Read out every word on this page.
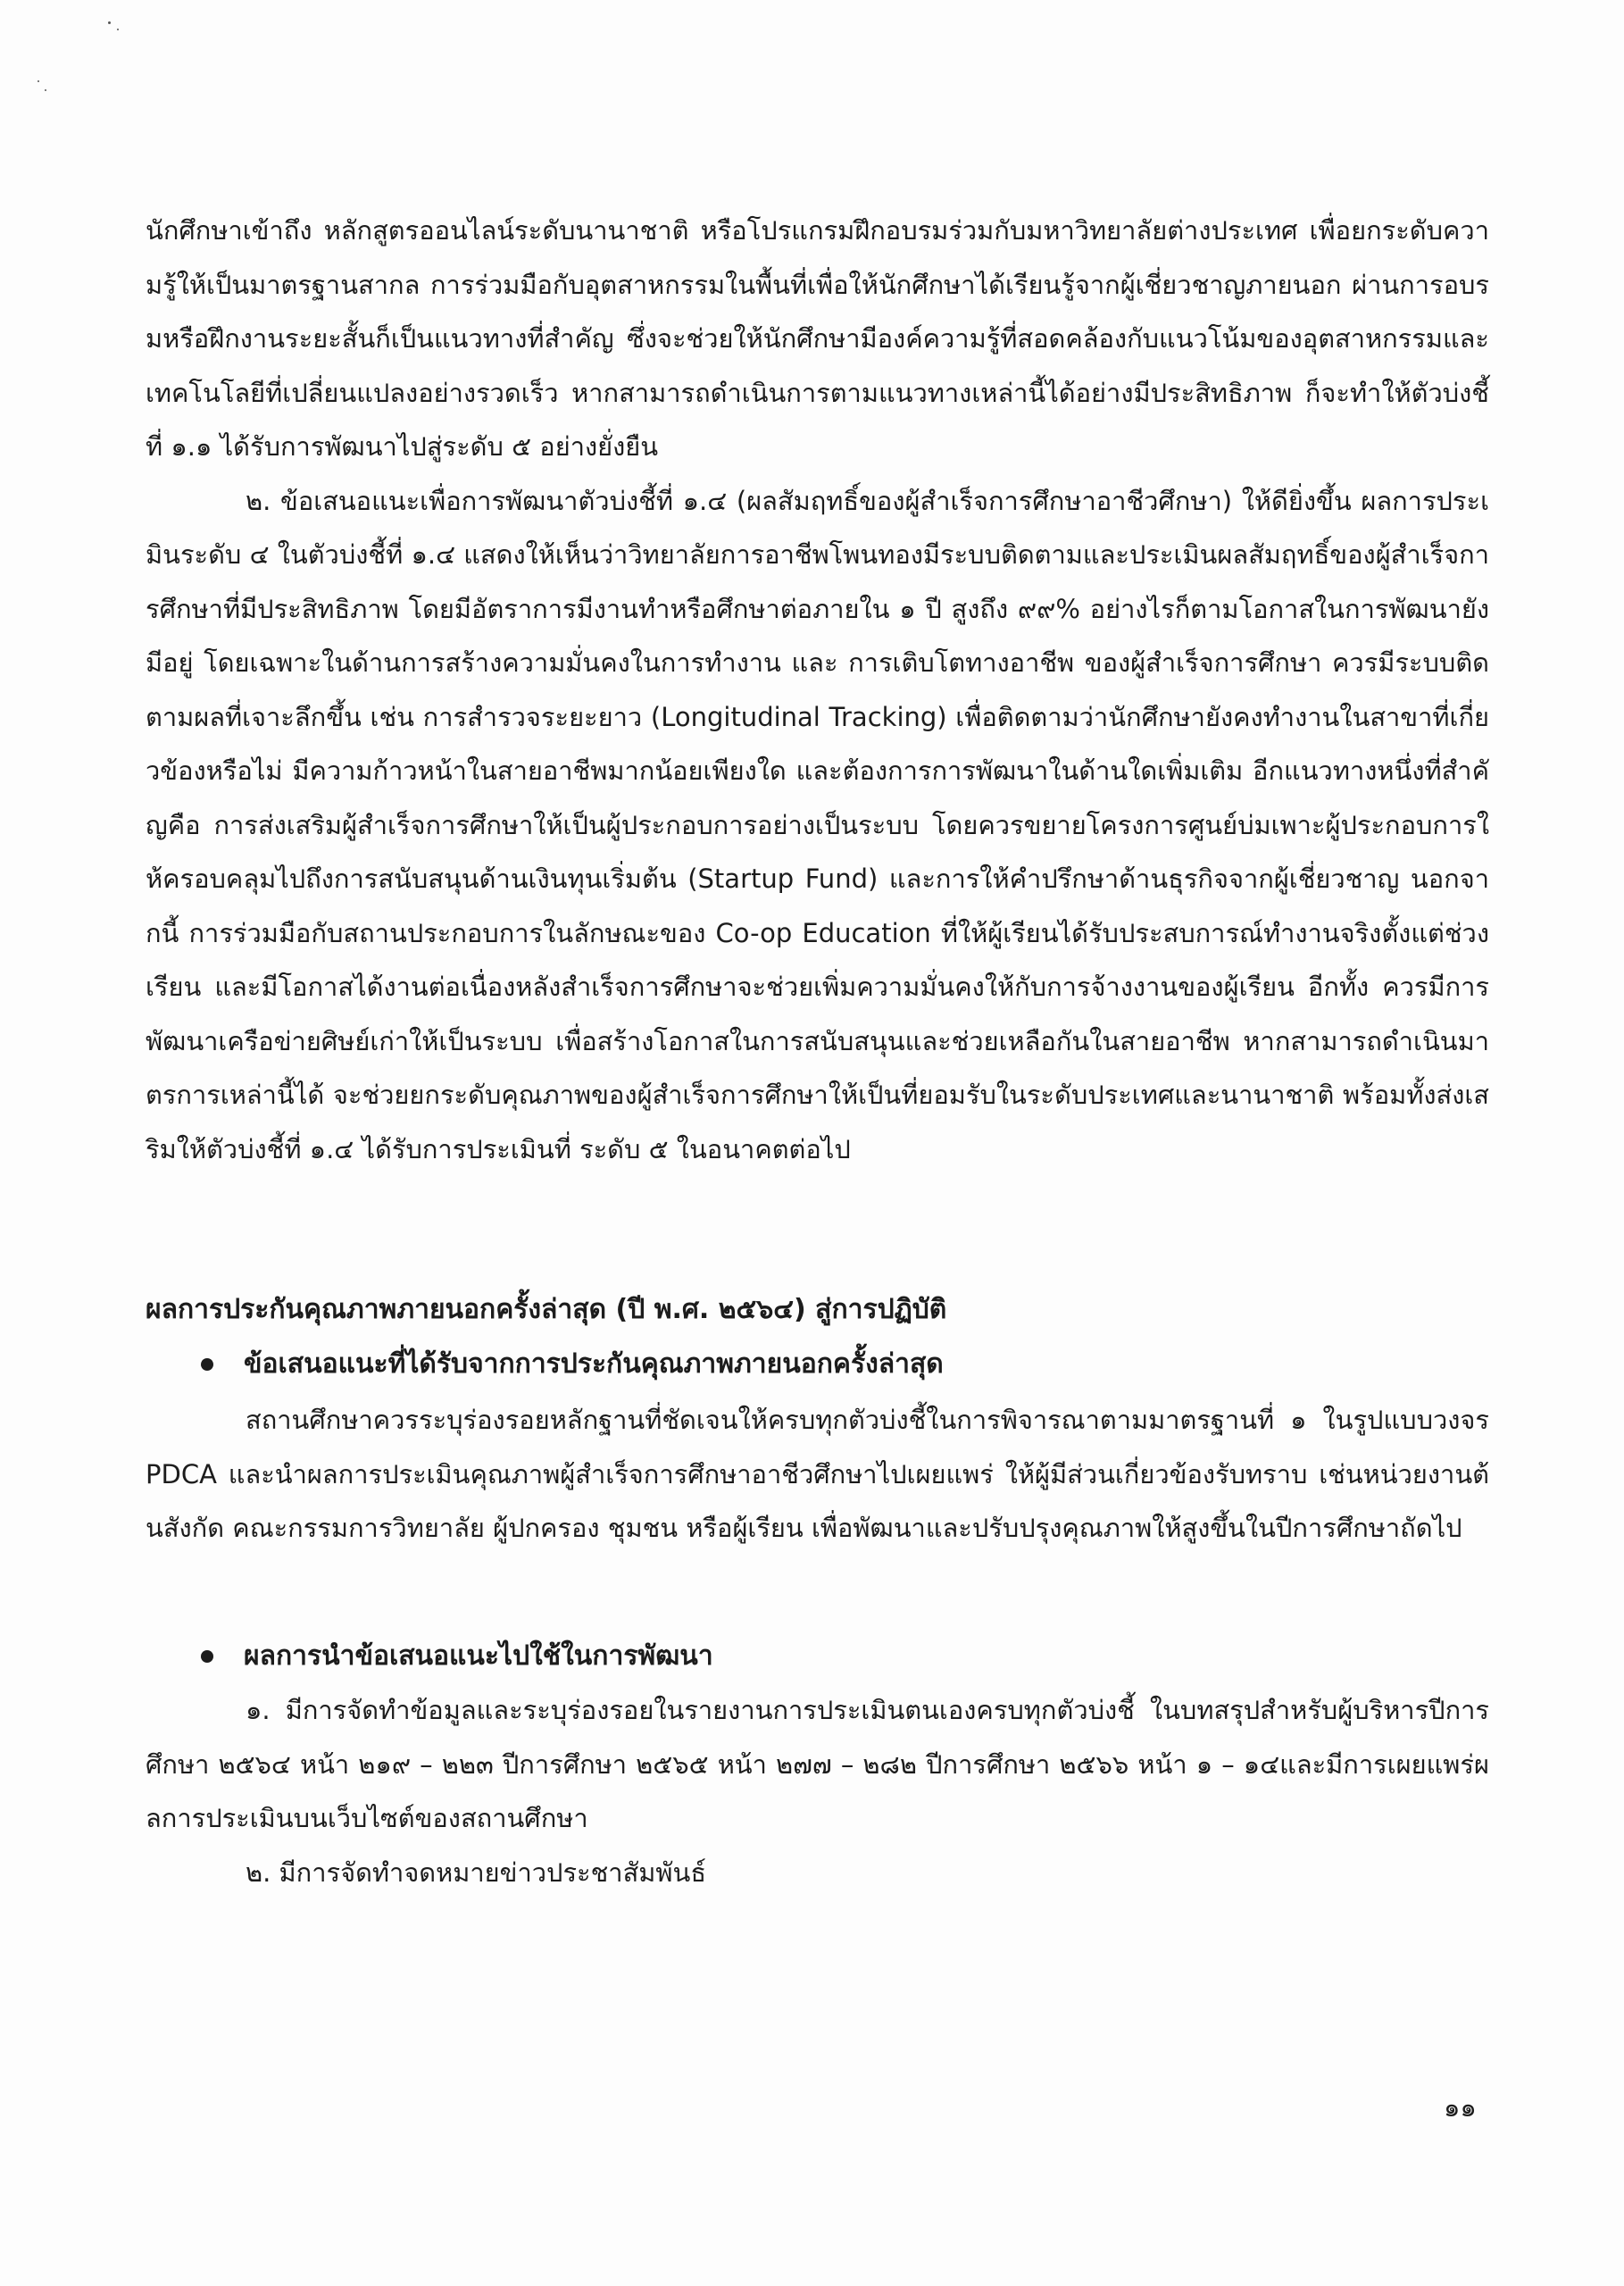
นักศึกษาเข้าถึง หลักสูตรออนไลน์ระดับนานาชาติ หรือโปรแกรมฝึกอบรมร่วมกับมหาวิทยาลัยต่างประเทศ เพื่อยกระดับความรู้ให้เป็นมาตรฐานสากล การร่วมมือกับอุตสาหกรรมในพื้นที่เพื่อให้นักศึกษาได้เรียนรู้จากผู้เชี่ยวชาญภายนอก ผ่านการอบรมหรือฝึกงานระยะสั้นก็เป็นแนวทางที่สำคัญ ซึ่งจะช่วยให้นักศึกษามีองค์ความรู้ที่สอดคล้องกับแนวโน้มของอุตสาหกรรมและเทคโนโลยีที่เปลี่ยนแปลงอย่างรวดเร็ว หากสามารถดำเนินการตามแนวทางเหล่านี้ได้อย่างมีประสิทธิภาพ ก็จะทำให้ตัวบ่งชี้ที่ ๑.๑ ได้รับการพัฒนาไปสู่ระดับ ๕ อย่างยั่งยืน

๒. ข้อเสนอแนะเพื่อการพัฒนาตัวบ่งชี้ที่ ๑.๔ (ผลสัมฤทธิ์ของผู้สำเร็จการศึกษาอาชีวศึกษา) ให้ดียิ่งขึ้น ผลการประเมินระดับ ๔ ในตัวบ่งชี้ที่ ๑.๔ แสดงให้เห็นว่าวิทยาลัยการอาชีพโพนทองมีระบบติดตามและประเมินผลสัมฤทธิ์ของผู้สำเร็จการศึกษาที่มีประสิทธิภาพ โดยมีอัตราการมีงานทำหรือศึกษาต่อภายใน ๑ ปี สูงถึง ๙๙% อย่างไรก็ตามโอกาสในการพัฒนายังมีอยู่ โดยเฉพาะในด้านการสร้างความมั่นคงในการทำงาน และ การเติบโตทางอาชีพ ของผู้สำเร็จการศึกษา ควรมีระบบติดตามผลที่เจาะลึกขึ้น เช่น การสำรวจระยะยาว (Longitudinal Tracking) เพื่อติดตามว่านักศึกษายังคงทำงานในสาขาที่เกี่ยวข้องหรือไม่ มีความก้าวหน้าในสายอาชีพมากน้อยเพียงใด และต้องการการพัฒนาในด้านใดเพิ่มเติม อีกแนวทางหนึ่งที่สำคัญคือ การส่งเสริมผู้สำเร็จการศึกษาให้เป็นผู้ประกอบการอย่างเป็นระบบ โดยควรขยายโครงการศูนย์บ่มเพาะผู้ประกอบการให้ครอบคลุมไปถึงการสนับสนุนด้านเงินทุนเริ่มต้น (Startup Fund) และการให้คำปรึกษาด้านธุรกิจจากผู้เชี่ยวชาญ นอกจากนี้ การร่วมมือกับสถานประกอบการในลักษณะของ Co-op Education ที่ให้ผู้เรียนได้รับประสบการณ์ทำงานจริงตั้งแต่ช่วงเรียน และมีโอกาสได้งานต่อเนื่องหลังสำเร็จการศึกษาจะช่วยเพิ่มความมั่นคงให้กับการจ้างงานของผู้เรียน อีกทั้ง ควรมีการพัฒนาเครือข่ายศิษย์เก่าให้เป็นระบบ เพื่อสร้างโอกาสในการสนับสนุนและช่วยเหลือกันในสายอาชีพ หากสามารถดำเนินมาตรการเหล่านี้ได้ จะช่วยยกระดับคุณภาพของผู้สำเร็จการศึกษาให้เป็นที่ยอมรับในระดับประเทศและนานาชาติ พร้อมทั้งส่งเสริมให้ตัวบ่งชี้ที่ ๑.๔ ได้รับการประเมินที่ ระดับ ๕ ในอนาคตต่อไป

ผลการประกันคุณภาพภายนอกครั้งล่าสุด (ปี พ.ศ. ๒๕๖๔) สู่การปฏิบัติ

ข้อเสนอแนะที่ได้รับจากการประกันคุณภาพภายนอกครั้งล่าสุด

สถานศึกษาควรระบุร่องรอยหลักฐานที่ชัดเจนให้ครบทุกตัวบ่งชี้ในการพิจารณาตามมาตรฐานที่ ๑ ในรูปแบบวงจร PDCA และนำผลการประเมินคุณภาพผู้สำเร็จการศึกษาอาชีวศึกษาไปเผยแพร่ ให้ผู้มีส่วนเกี่ยวข้องรับทราบ เช่นหน่วยงานต้นสังกัด คณะกรรมการวิทยาลัย ผู้ปกครอง ชุมชน หรือผู้เรียน เพื่อพัฒนาและปรับปรุงคุณภาพให้สูงขึ้นในปีการศึกษาถัดไป

ผลการนำข้อเสนอแนะไปใช้ในการพัฒนา

๑. มีการจัดทำข้อมูลและระบุร่องรอยในรายงานการประเมินตนเองครบทุกตัวบ่งชี้ ในบทสรุปสำหรับผู้บริหารปีการศึกษา ๒๕๖๔ หน้า ๒๑๙ – ๒๒๓ ปีการศึกษา ๒๕๖๕ หน้า ๒๗๗ – ๒๘๒ ปีการศึกษา ๒๕๖๖ หน้า ๑ – ๑๔และมีการเผยแพร่ผลการประเมินบนเว็บไซต์ของสถานศึกษา

๒. มีการจัดทำจดหมายข่าวประชาสัมพันธ์

๑๑
